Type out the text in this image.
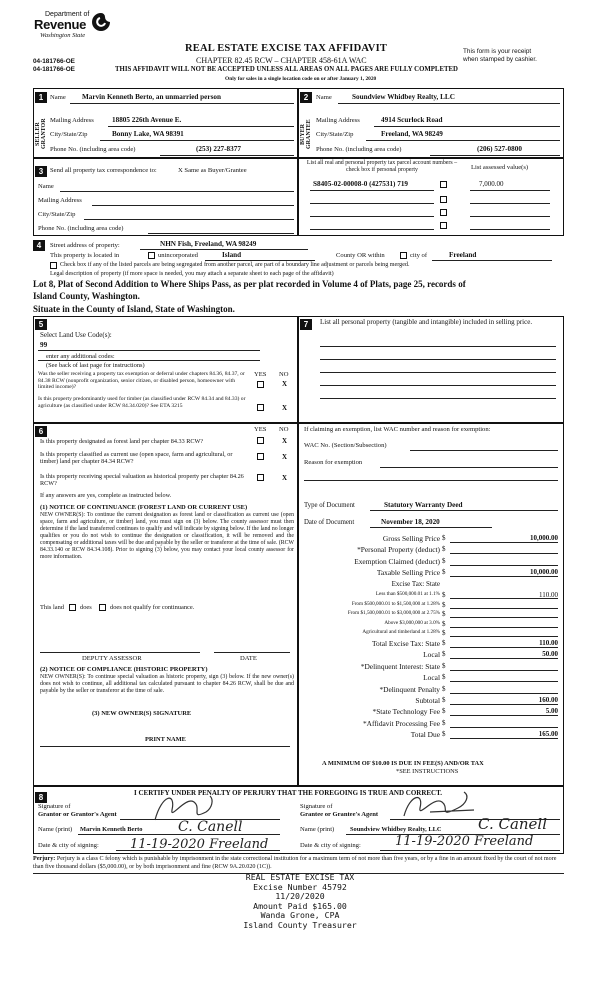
Department of
Revenue
Washington State
04-181766-OE
04-181766-OE
REAL ESTATE EXCISE TAX AFFIDAVIT
CHAPTER 82.45 RCW – CHAPTER 458-61A WAC
THIS AFFIDAVIT WILL NOT BE ACCEPTED UNLESS ALL AREAS ON ALL PAGES ARE FULLY COMPLETED
Only for sales in a single location code on or after January 1, 2020
This form is your receipt
when stamped by cashier.
1
SELLER GRANTOR
Name Marvin Kenneth Berto, an unmarried person
Mailing Address	18805 226th Avenue E.
City/State/Zip	Bonny Lake, WA 98391
Phone No. (including area code)	(253) 227-8377
2
BUYER GRANTEE
Name	Soundview Whidbey Realty, LLC
Mailing Address	4914 Scurlock Road
City/State/Zip	Freeland, WA 98249
Phone No. (including area code)	(206) 527-0800
3	Send all property tax correspondence to:	X Same as Buyer/Grantee
Name
Mailing Address
City/State/Zip
Phone No. (including area code)
List all real and personal property tax parcel account numbers – check box if personal property	List assessed value(s)
S8405-02-00008-0 (427531) 719	7,000.00
4	Street address of property:	NHN Fish, Freeland, WA 98249
This property is located in	unincorporated	Island	County OR within	city of	Freeland
Check box if any of the listed parcels are being segregated from another parcel, are part of a boundary line adjustment or parcels being merged.
Legal description of property (if more space is needed, you may attach a separate sheet to each page of the affidavit)
Lot 8, Plat of Second Addition to Where Ships Pass, as per plat recorded in Volume 4 of Plats, page 25, records of
Island County, Washington.
Situate in the County of Island, State of Washington.
5
Select Land Use Code(s):
99
enter any additional codes:
(See back of last page for instructions)
YES NO
Was the seller receiving a property tax exemption or deferral under chapters 84.36, 84.37, or 84.38 RCW (nonprofit organization, senior citizen, or disabled person, homeowner with limited income)?	X
Is this property predominantly used for timber (as classified under RCW 84.34 and 84.33) or agriculture (as classified under RCW 84.34.020)? See ETA 3215	X
7	List all personal property (tangible and intangible) included in selling price.
6	YES NO
Is this property designated as forest land per chapter 84.33 RCW?	X
Is this property classified as current use (open space, farm and agricultural, or timber) land per chapter 84.34 RCW?
X
Is this property receiving special valuation as historical property per chapter 84.26 RCW?
X
If any answers are yes, complete as instructed below.
(1) NOTICE OF CONTINUANCE (FOREST LAND OR CURRENT USE)
NEW OWNER(S): To continue the current designation as forest land or classification as current use (open space, farm and agriculture, or timber) land, you must sign on (3) below. The county assessor must then determine if the land transferred continues to qualify and will indicate by signing below. If the land no longer qualifies or you do not wish to continue the designation or classification, it will be removed and the compensating or additional taxes will be due and payable by the seller or transferor at the time of sale. (RCW 84.33.140 or RCW 84.34.108). Prior to signing (3) below, you may contact your local county assessor for more information.
This land	does	does not qualify for continuance.
DEPUTY ASSESSOR	DATE
(2) NOTICE OF COMPLIANCE (HISTORIC PROPERTY)
NEW OWNER(S): To continue special valuation as historic property, sign (3) below. If the new owner(s) does not wish to continue, all additional tax calculated pursuant to chapter 84.26 RCW, shall be due and payable by the seller or transferor at the time of sale.
(3) NEW OWNER(S) SIGNATURE
PRINT NAME
If claiming an exemption, list WAC number and reason for exemption:
WAC No. (Section/Subsection)
Reason for exemption
Type of Document	Statutory Warranty Deed
Date of Document	November 18, 2020
Gross Selling Price $	10,000.00
*Personal Property (deduct) $
Exemption Claimed (deduct) $
Taxable Selling Price $	10,000.00
Excise Tax: State
Less than $500,000.01 at 1.1% $	110.00
From $500,000.01 to $1,500,000 at 1.28% $
From $1,500,000.01 to $3,000,000 at 2.75% $
Above $3,000,000 at 3.0% $
Agricultural and timberland at 1.28% $
Total Excise Tax: State $	110.00
Local $	50.00
*Delinquent Interest: State $
Local $
*Delinquent Penalty $
Subtotal $	160.00
*State Technology Fee $	5.00
*Affidavit Processing Fee $
Total Due $	165.00
A MINIMUM OF $10.00 IS DUE IN FEE(S) AND/OR TAX
*SEE INSTRUCTIONS
8	I CERTIFY UNDER PENALTY OF PERJURY THAT THE FOREGOING IS TRUE AND CORRECT.
Signature of
Grantor or Grantor's Agent
Signature of
Grantee or Grantee's Agent
Name (print) Marvin Kenneth Berto	Name (print) Soundview Whidbey Realty, LLC
Date & city of signing:	Date & city of signing:
C. Canell	C. Canell
11-19-2020 Freeland	11-19-2020 Freeland
Perjury: Perjury is a class C felony which is punishable by imprisonment in the state correctional institution for a maximum term of not more than five years, or by a fine in an amount fixed by the court of not more than five thousand dollars ($5,000.00), or by both imprisonment and fine (RCW 9A.20.020 (1C)).
REAL ESTATE EXCISE TAX
Excise Number 45792
11/20/2020
Amount Paid $165.00
Wanda Grone, CPA
Island County Treasurer
